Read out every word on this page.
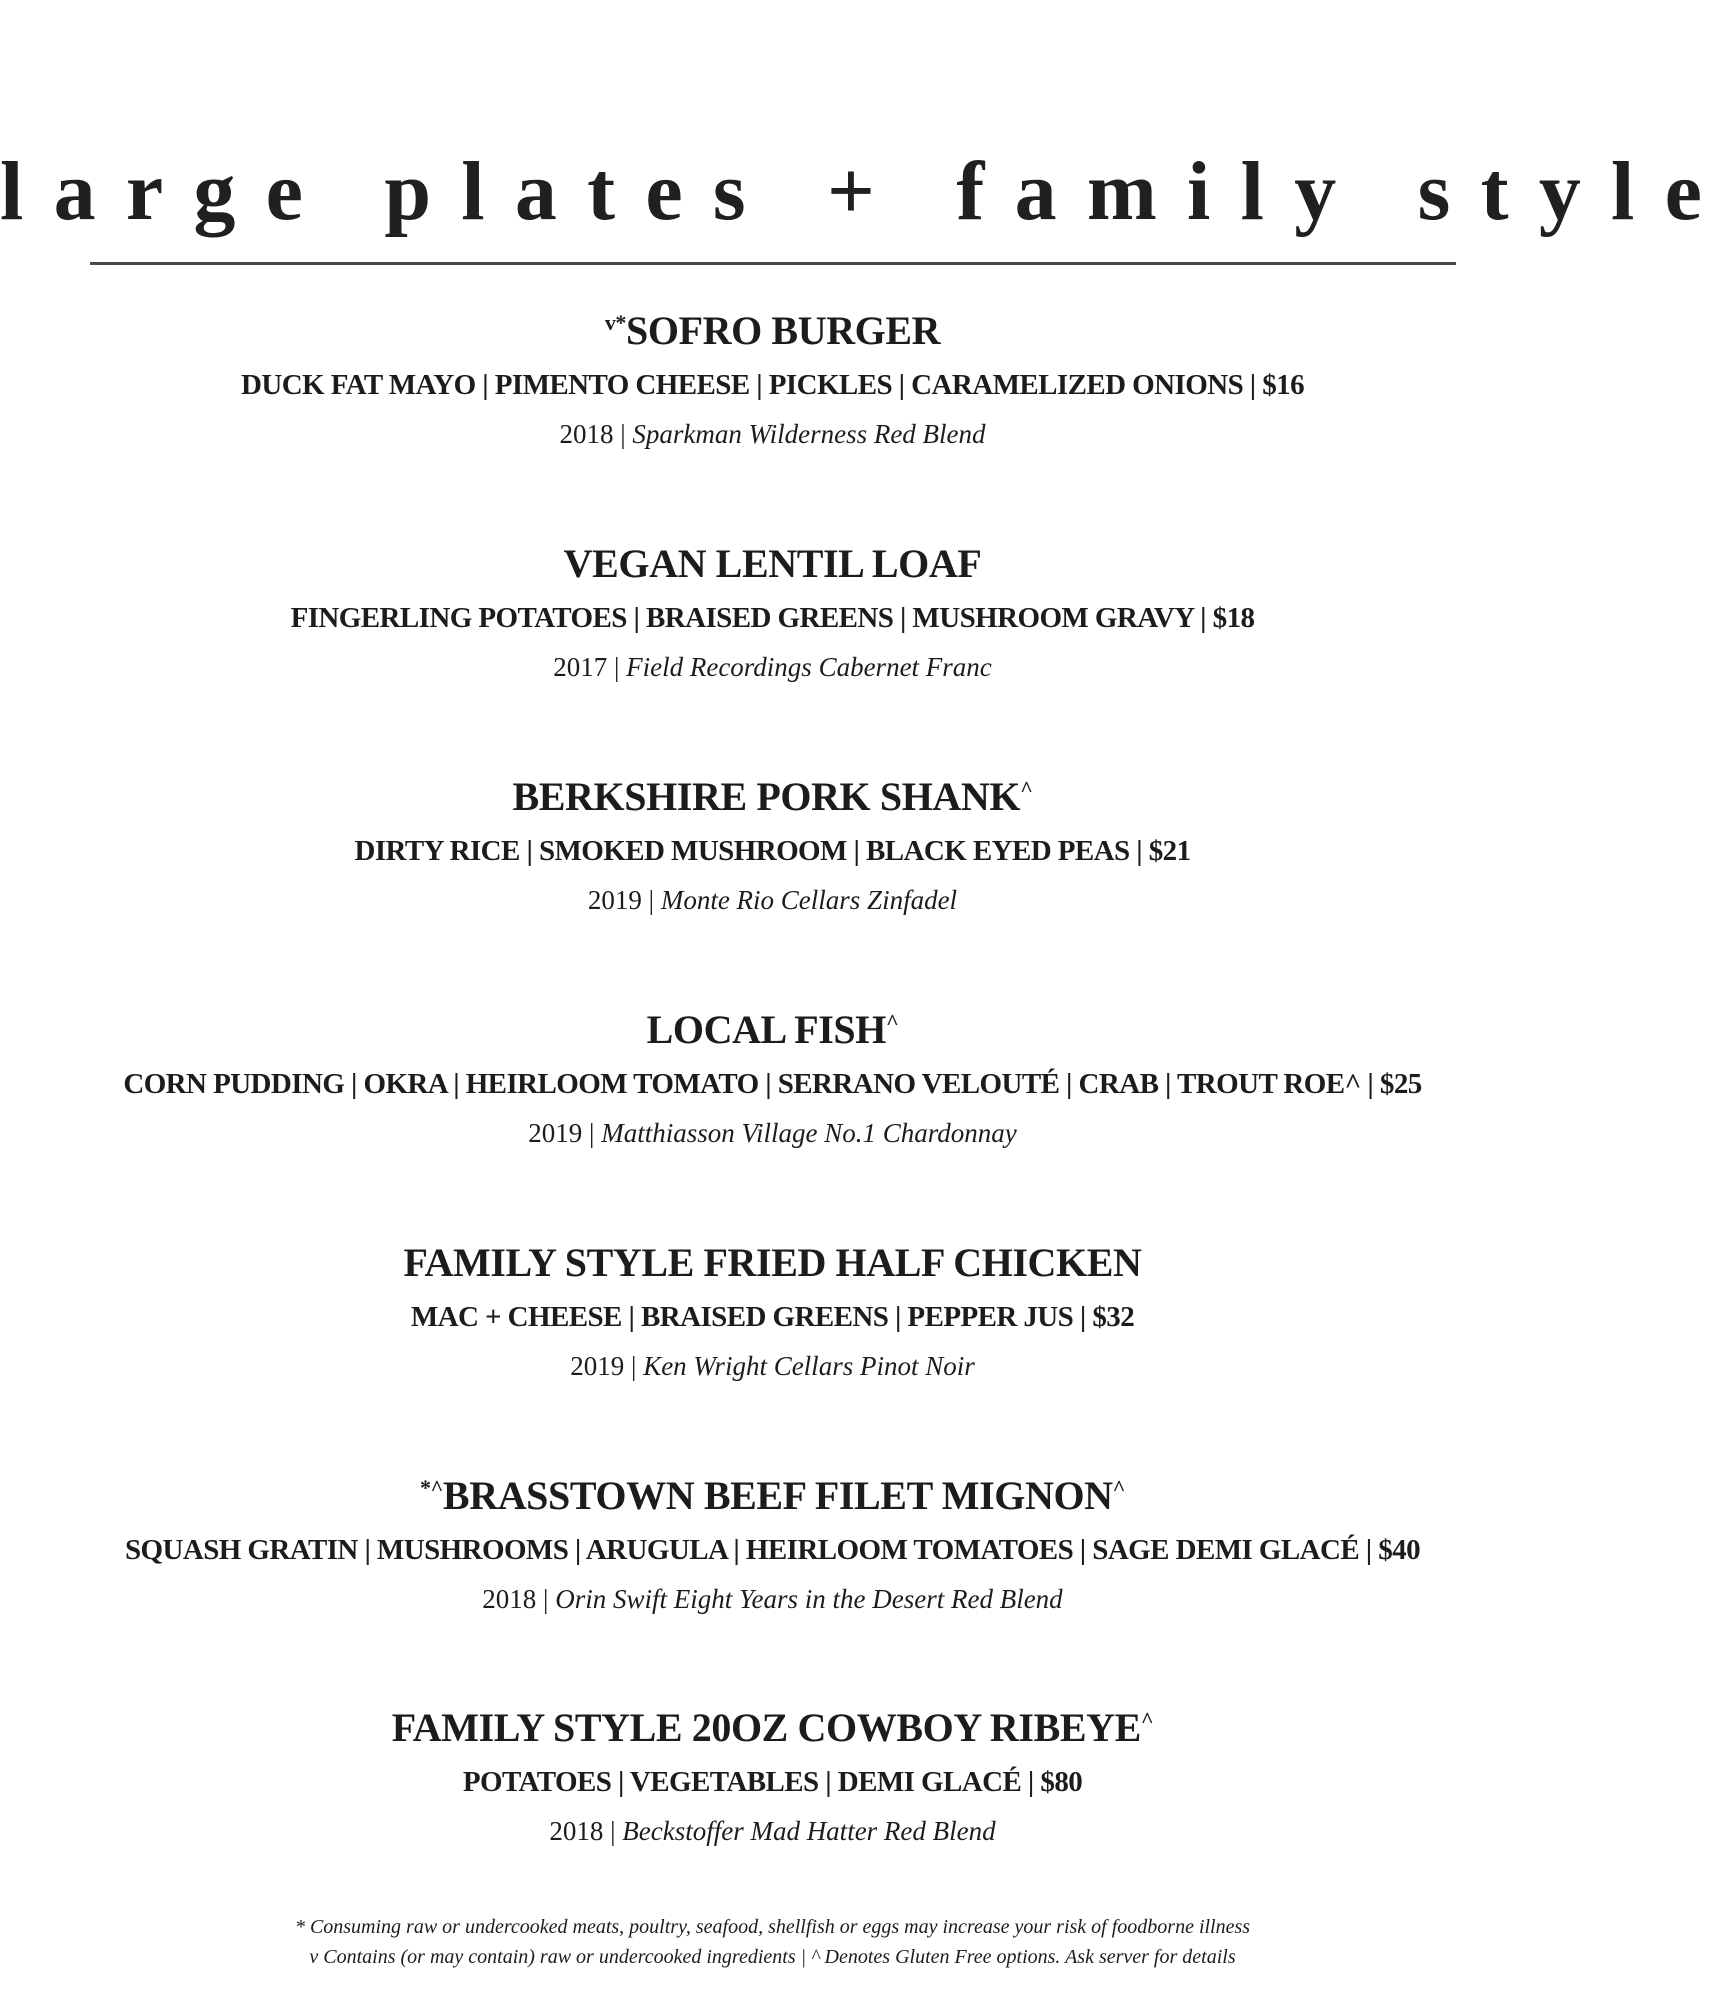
large plates + family style
$^{v*}$SOFRO BURGER
DUCK FAT MAYO | PIMENTO CHEESE | PICKLES | CARAMELIZED ONIONS | $16
2018 | Sparkman Wilderness Red Blend
VEGAN LENTIL LOAF
FINGERLING POTATOES | BRAISED GREENS | MUSHROOM GRAVY | $18
2017 | Field Recordings Cabernet Franc
BERKSHIRE PORK SHANK^
DIRTY RICE | SMOKED MUSHROOM | BLACK EYED PEAS | $21
2019 | Monte Rio Cellars Zinfadel
LOCAL FISH^
CORN PUDDING | OKRA | HEIRLOOM TOMATO | SERRANO VELOUTÉ | CRAB | TROUT ROE^ | $25
2019 | Matthiasson Village No.1 Chardonnay
FAMILY STYLE FRIED HALF CHICKEN
MAC + CHEESE | BRAISED GREENS | PEPPER JUS | $32
2019 | Ken Wright Cellars Pinot Noir
*^BRASSTOWN BEEF FILET MIGNON^
SQUASH GRATIN | MUSHROOMS | ARUGULA | HEIRLOOM TOMATOES | SAGE DEMI GLACÉ | $40
2018 | Orin Swift Eight Years in the Desert Red Blend
FAMILY STYLE 20OZ COWBOY RIBEYE^
POTATOES | VEGETABLES | DEMI GLACÉ | $80
2018 | Beckstoffer Mad Hatter Red Blend
* Consuming raw or undercooked meats, poultry, seafood, shellfish or eggs may increase your risk of foodborne illness
v Contains (or may contain) raw or undercooked ingredients | ^ Denotes Gluten Free options. Ask server for details
